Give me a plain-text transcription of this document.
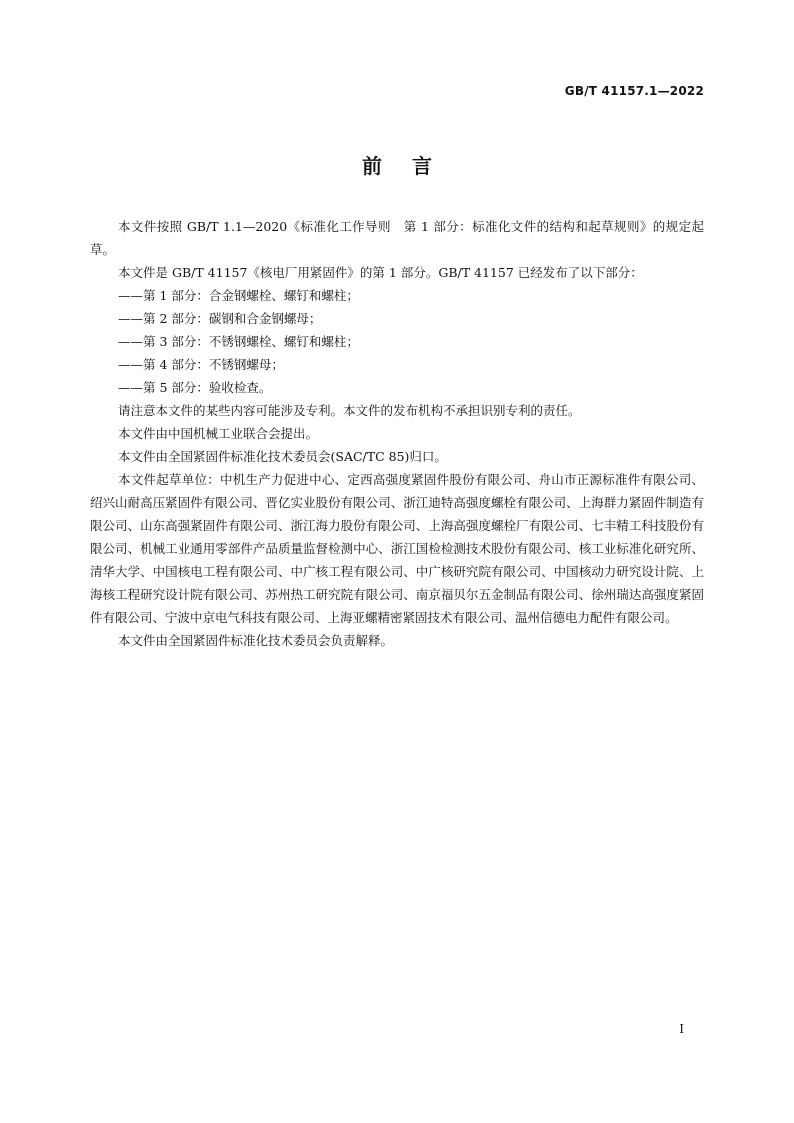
GB/T 41157.1—2022
前言

本文件按照 GB/T 1.1—2020《标准化工作导则　第 1 部分：标准化文件的结构和起草规则》的规定起草。

本文件是 GB/T 41157《核电厂用紧固件》的第 1 部分。GB/T 41157 已经发布了以下部分：

——第 1 部分：合金钢螺栓、螺钉和螺柱；

——第 2 部分：碳钢和合金钢螺母；

——第 3 部分：不锈钢螺栓、螺钉和螺柱；

——第 4 部分：不锈钢螺母；

——第 5 部分：验收检查。

请注意本文件的某些内容可能涉及专利。本文件的发布机构不承担识别专利的责任。

本文件由中国机械工业联合会提出。

本文件由全国紧固件标准化技术委员会(SAC/TC 85)归口。

本文件起草单位：中机生产力促进中心、定西高强度紧固件股份有限公司、舟山市正源标准件有限公司、绍兴山耐高压紧固件有限公司、晋亿实业股份有限公司、浙江迪特高强度螺栓有限公司、上海群力紧固件制造有限公司、山东高强紧固件有限公司、浙江海力股份有限公司、上海高强度螺栓厂有限公司、七丰精工科技股份有限公司、机械工业通用零部件产品质量监督检测中心、浙江国检检测技术股份有限公司、核工业标准化研究所、清华大学、中国核电工程有限公司、中广核工程有限公司、中广核研究院有限公司、中国核动力研究设计院、上海核工程研究设计院有限公司、苏州热工研究院有限公司、南京福贝尔五金制品有限公司、徐州瑞达高强度紧固件有限公司、宁波中京电气科技有限公司、上海亚螺精密紧固技术有限公司、温州信德电力配件有限公司。

本文件由全国紧固件标准化技术委员会负责解释。

I
